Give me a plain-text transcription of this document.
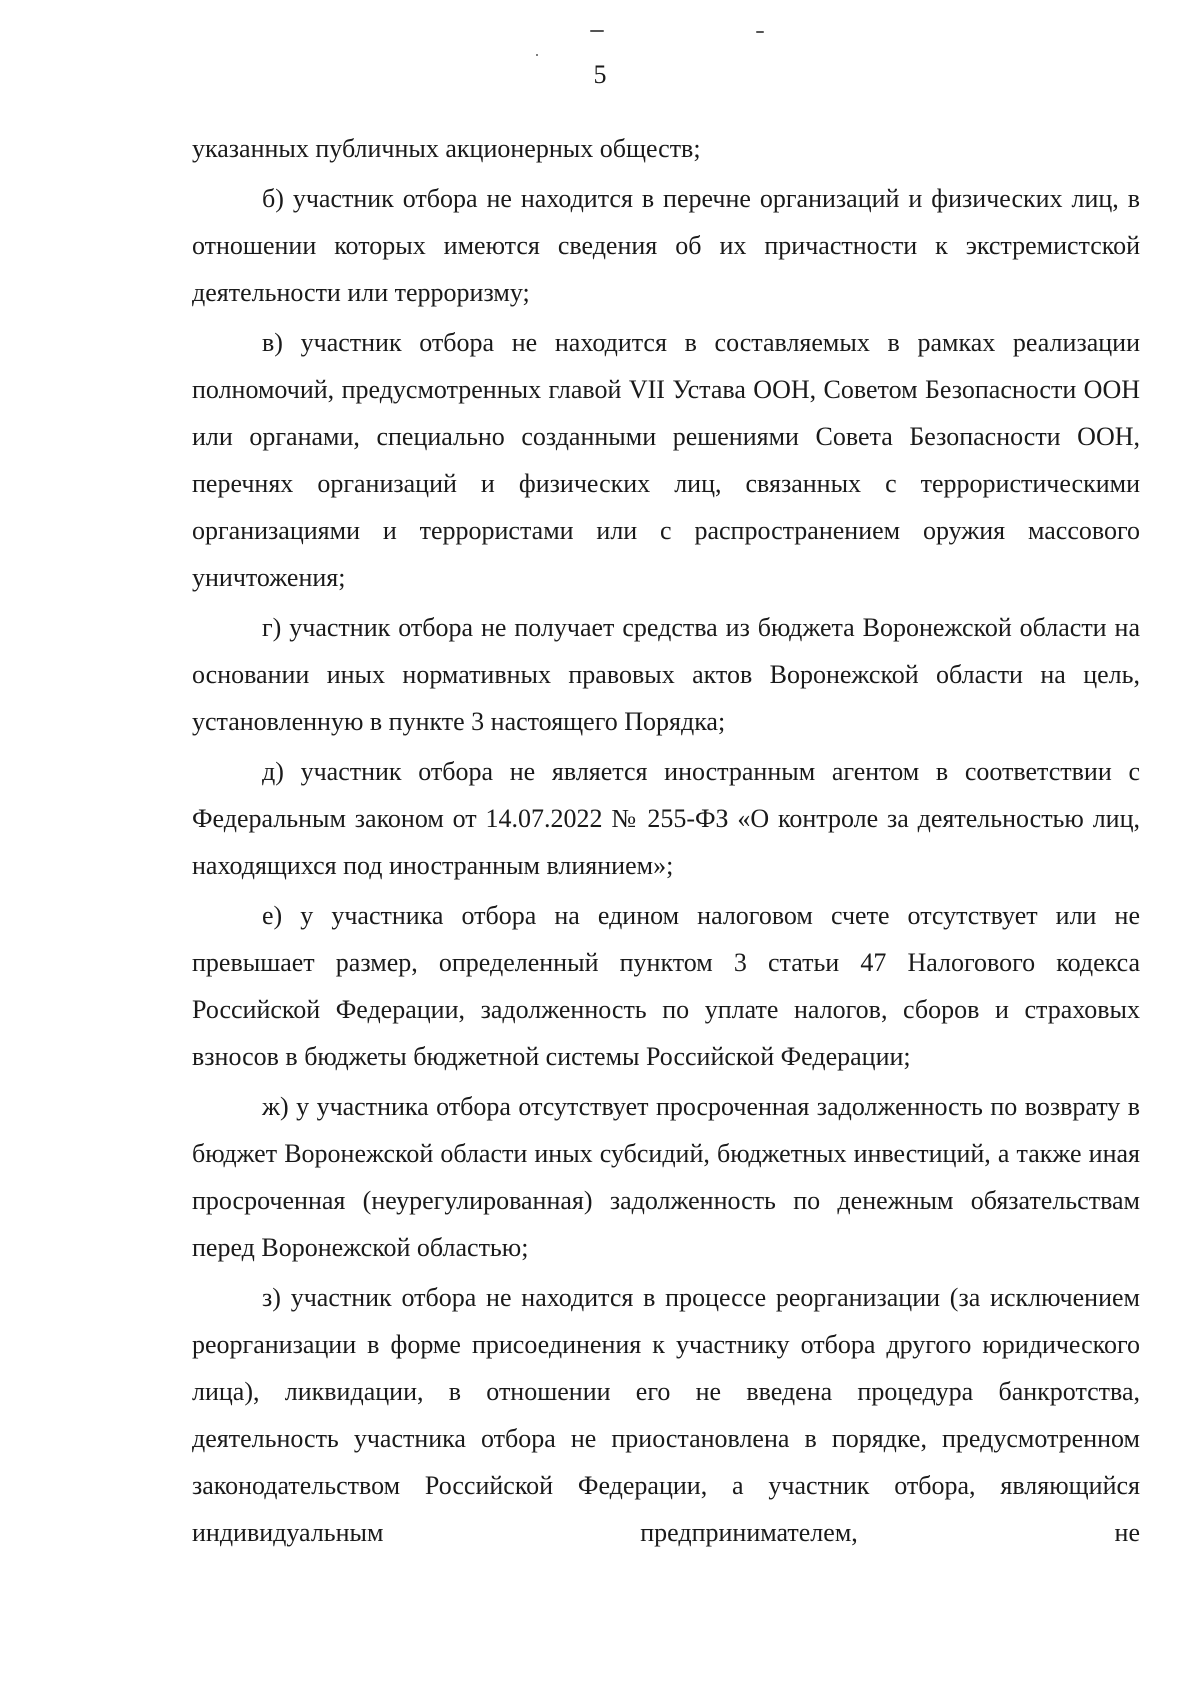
5

указанных публичных акционерных обществ;

б) участник отбора не находится в перечне организаций и физических лиц, в отношении которых имеются сведения об их причастности к экстремистской деятельности или терроризму;

в) участник отбора не находится в составляемых в рамках реализации полномочий, предусмотренных главой VII Устава ООН, Советом Безопасности ООН или органами, специально созданными решениями Совета Безопасности ООН, перечнях организаций и физических лиц, связанных с террористическими организациями и террористами или с распространением оружия массового уничтожения;

г) участник отбора не получает средства из бюджета Воронежской области на основании иных нормативных правовых актов Воронежской области на цель, установленную в пункте 3 настоящего Порядка;

д) участник отбора не является иностранным агентом в соответствии с Федеральным законом от 14.07.2022 № 255-ФЗ «О контроле за деятельностью лиц, находящихся под иностранным влиянием»;

е) у участника отбора на едином налоговом счете отсутствует или не превышает размер, определенный пунктом 3 статьи 47 Налогового кодекса Российской Федерации, задолженность по уплате налогов, сборов и страховых взносов в бюджеты бюджетной системы Российской Федерации;

ж) у участника отбора отсутствует просроченная задолженность по возврату в бюджет Воронежской области иных субсидий, бюджетных инвестиций, а также иная просроченная (неурегулированная) задолженность по денежным обязательствам перед Воронежской областью;

з) участник отбора не находится в процессе реорганизации (за исключением реорганизации в форме присоединения к участнику отбора другого юридического лица), ликвидации, в отношении его не введена процедура банкротства, деятельность участника отбора не приостановлена в порядке, предусмотренном законодательством Российской Федерации, а участник отбора, являющийся индивидуальным предпринимателем, не
